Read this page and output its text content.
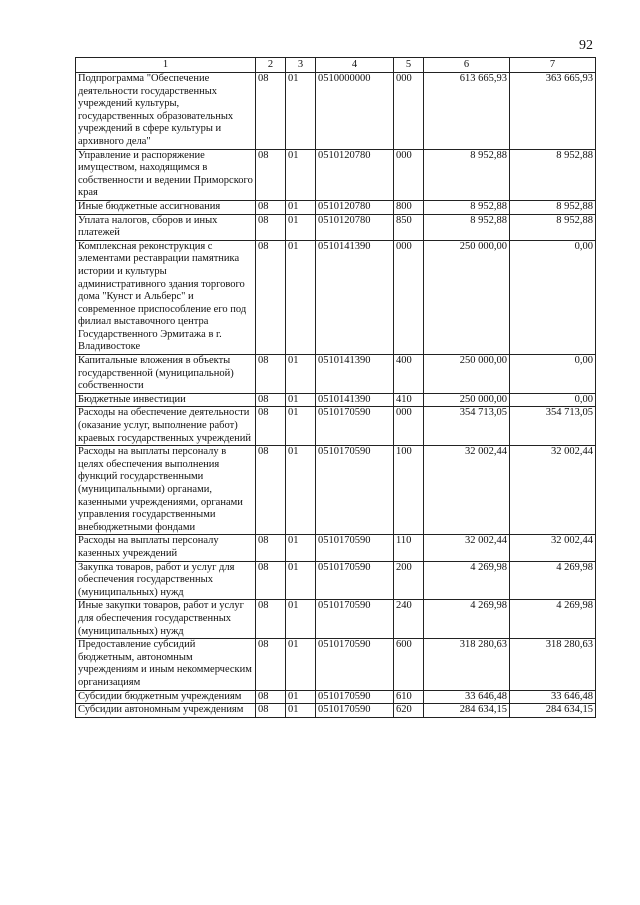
92
1	2	3	4	5	6	7
Подпрограмма "Обеспечение деятельности государственных учреждений культуры, государственных образовательных учреждений в сфере культуры и архивного дела"	08	01	0510000000	000	613 665,93	363 665,93
Управление и распоряжение имуществом, находящимся в собственности и ведении Приморского края	08	01	0510120780	000	8 952,88	8 952,88
Иные бюджетные ассигнования	08	01	0510120780	800	8 952,88	8 952,88
Уплата налогов, сборов и иных платежей	08	01	0510120780	850	8 952,88	8 952,88
Комплексная реконструкция с элементами реставрации памятника истории и культуры административного здания торгового дома "Кунст и Альберс" и современное приспособление его под филиал выставочного центра Государственного Эрмитажа в г. Владивостоке	08	01	0510141390	000	250 000,00	0,00
Капитальные вложения в объекты государственной (муниципальной) собственности	08	01	0510141390	400	250 000,00	0,00
Бюджетные инвестиции	08	01	0510141390	410	250 000,00	0,00
Расходы на обеспечение деятельности (оказание услуг, выполнение работ) краевых государственных учреждений	08	01	0510170590	000	354 713,05	354 713,05
Расходы на выплаты персоналу в целях обеспечения выполнения функций государственными (муниципальными) органами, казенными учреждениями, органами управления государственными внебюджетными фондами	08	01	0510170590	100	32 002,44	32 002,44
Расходы на выплаты персоналу казенных учреждений	08	01	0510170590	110	32 002,44	32 002,44
Закупка товаров, работ и услуг для обеспечения государственных (муниципальных) нужд	08	01	0510170590	200	4 269,98	4 269,98
Иные закупки товаров, работ и услуг для обеспечения государственных (муниципальных) нужд	08	01	0510170590	240	4 269,98	4 269,98
Предоставление субсидий бюджетным, автономным учреждениям и иным некоммерческим организациям	08	01	0510170590	600	318 280,63	318 280,63
Субсидии бюджетным учреждениям	08	01	0510170590	610	33 646,48	33 646,48
Субсидии автономным учреждениям	08	01	0510170590	620	284 634,15	284 634,15
